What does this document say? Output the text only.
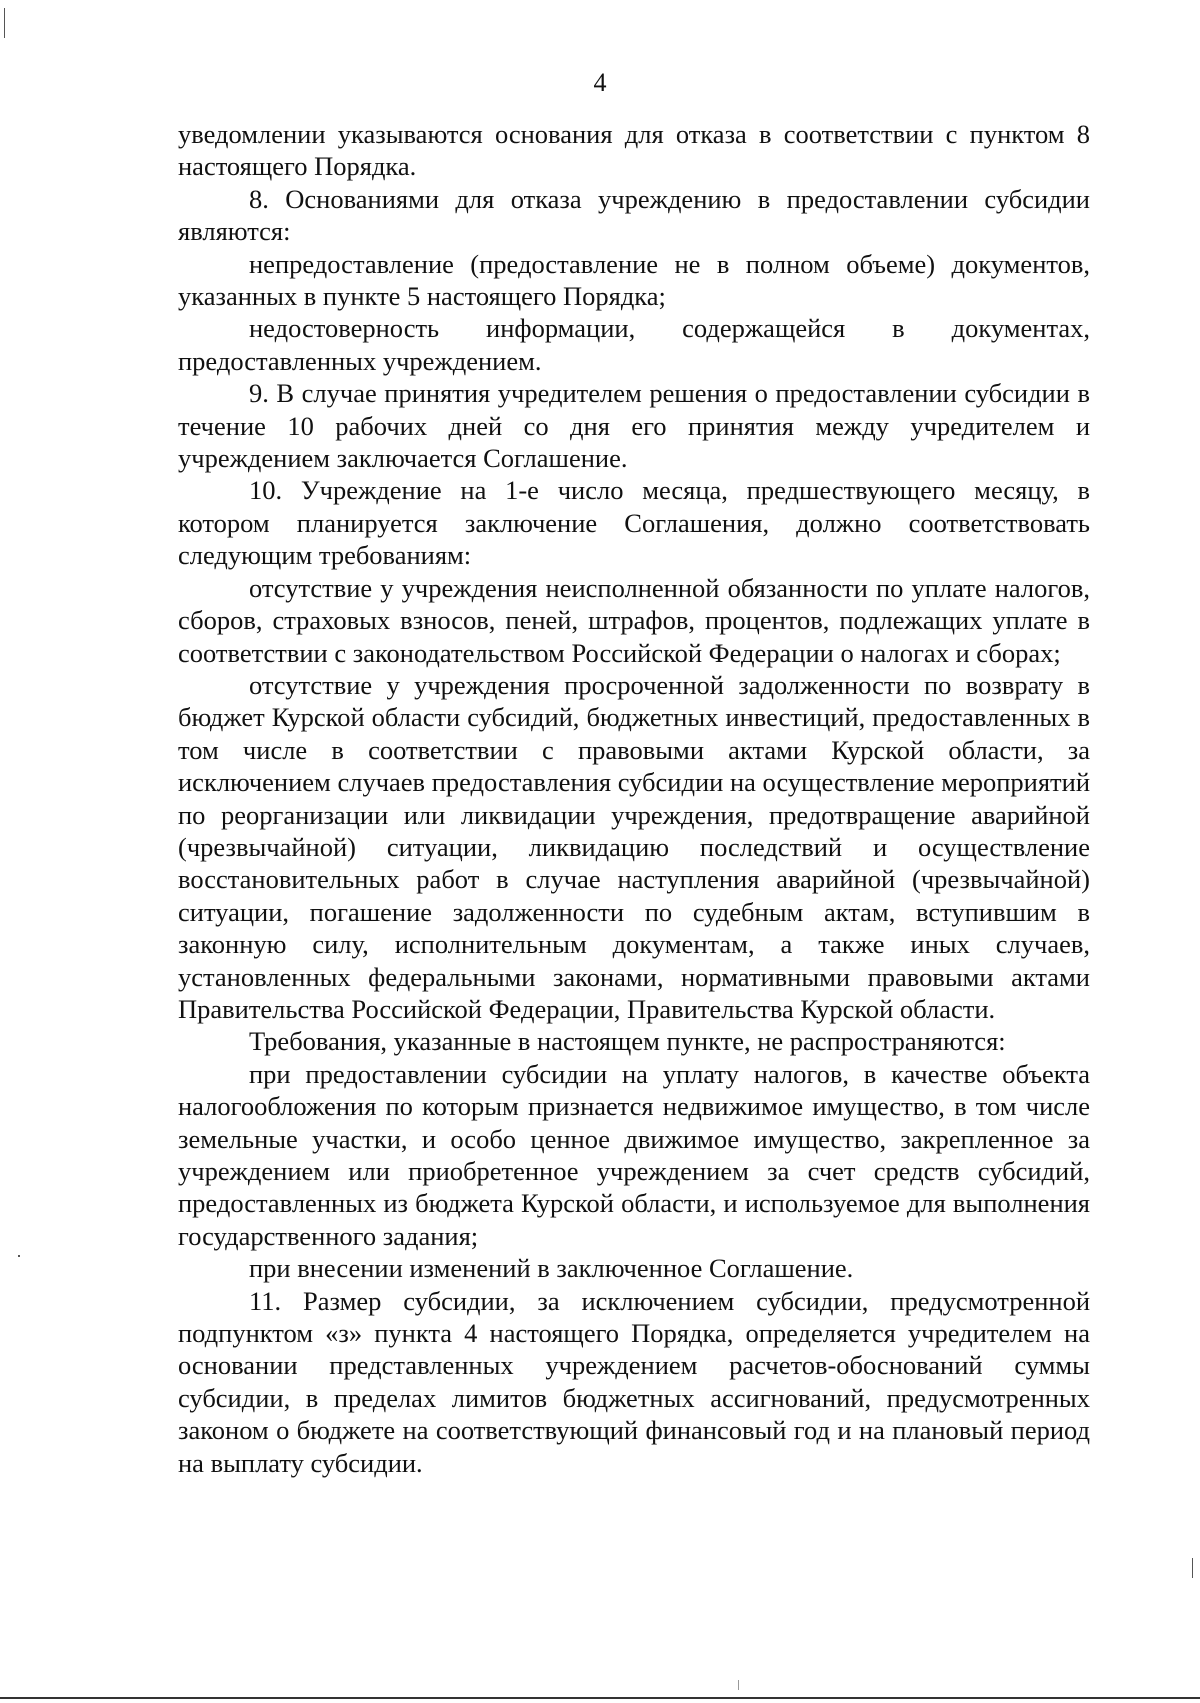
4

уведомлении указываются основания для отказа в соответствии с пунктом 8 настоящего Порядка.

8. Основаниями для отказа учреждению в предоставлении субсидии являются:

непредоставление (предоставление не в полном объеме) документов, указанных в пункте 5 настоящего Порядка;

недостоверность информации, содержащейся в документах, предоставленных учреждением.

9. В случае принятия учредителем решения о предоставлении субсидии в течение 10 рабочих дней со дня его принятия между учредителем и учреждением заключается Соглашение.

10. Учреждение на 1-е число месяца, предшествующего месяцу, в котором планируется заключение Соглашения, должно соответствовать следующим требованиям:

отсутствие у учреждения неисполненной обязанности по уплате налогов, сборов, страховых взносов, пеней, штрафов, процентов, подлежащих уплате в соответствии с законодательством Российской Федерации о налогах и сборах;

отсутствие у учреждения просроченной задолженности по возврату в бюджет Курской области субсидий, бюджетных инвестиций, предоставленных в том числе в соответствии с правовыми актами Курской области, за исключением случаев предоставления субсидии на осуществление мероприятий по реорганизации или ликвидации учреждения, предотвращение аварийной (чрезвычайной) ситуации, ликвидацию последствий и осуществление восстановительных работ в случае наступления аварийной (чрезвычайной) ситуации, погашение задолженности по судебным актам, вступившим в законную силу, исполнительным документам, а также иных случаев, установленных федеральными законами, нормативными правовыми актами Правительства Российской Федерации, Правительства Курской области.

Требования, указанные в настоящем пункте, не распространяются:

при предоставлении субсидии на уплату налогов, в качестве объекта налогообложения по которым признается недвижимое имущество, в том числе земельные участки, и особо ценное движимое имущество, закрепленное за учреждением или приобретенное учреждением за счет средств субсидий, предоставленных из бюджета Курской области, и используемое для выполнения государственного задания;

при внесении изменений в заключенное Соглашение.

11. Размер субсидии, за исключением субсидии, предусмотренной подпунктом «з» пункта 4 настоящего Порядка, определяется учредителем на основании представленных учреждением расчетов-обоснований суммы субсидии, в пределах лимитов бюджетных ассигнований, предусмотренных законом о бюджете на соответствующий финансовый год и на плановый период на выплату субсидии.
